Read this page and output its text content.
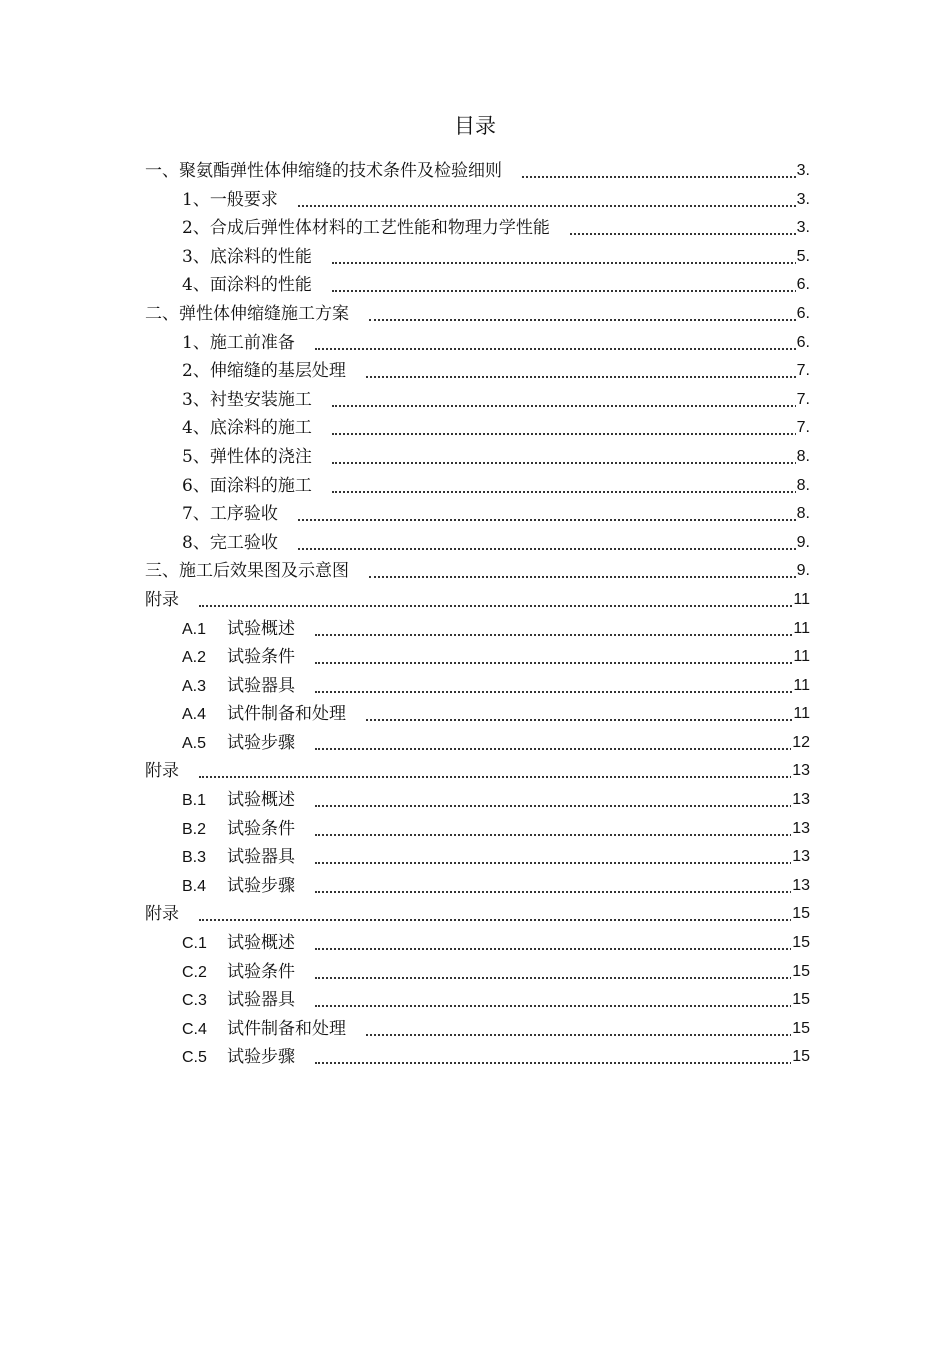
目录
一、聚氨酯弹性体伸缩缝的技术条件及检验细则	3.
1、一般要求	3.
2、合成后弹性体材料的工艺性能和物理力学性能	3.
3、底涂料的性能	5.
4、面涂料的性能	6.
二、弹性体伸缩缝施工方案	6.
1、施工前准备	6.
2、伸缩缝的基层处理	7.
3、衬垫安装施工	7.
4、底涂料的施工	7.
5、弹性体的浇注	8.
6、面涂料的施工	8.
7、工序验收	8.
8、完工验收	9.
三、施工后效果图及示意图	9.
附录	11
A.1 试验概述	11
A.2 试验条件	11
A.3 试验器具	11
A.4 试件制备和处理	11
A.5 试验步骤	12
附录	13
B.1 试验概述	13
B.2 试验条件	13
B.3 试验器具	13
B.4 试验步骤	13
附录	15
C.1 试验概述	15
C.2 试验条件	15
C.3 试验器具	15
C.4 试件制备和处理	15
C.5 试验步骤	15
